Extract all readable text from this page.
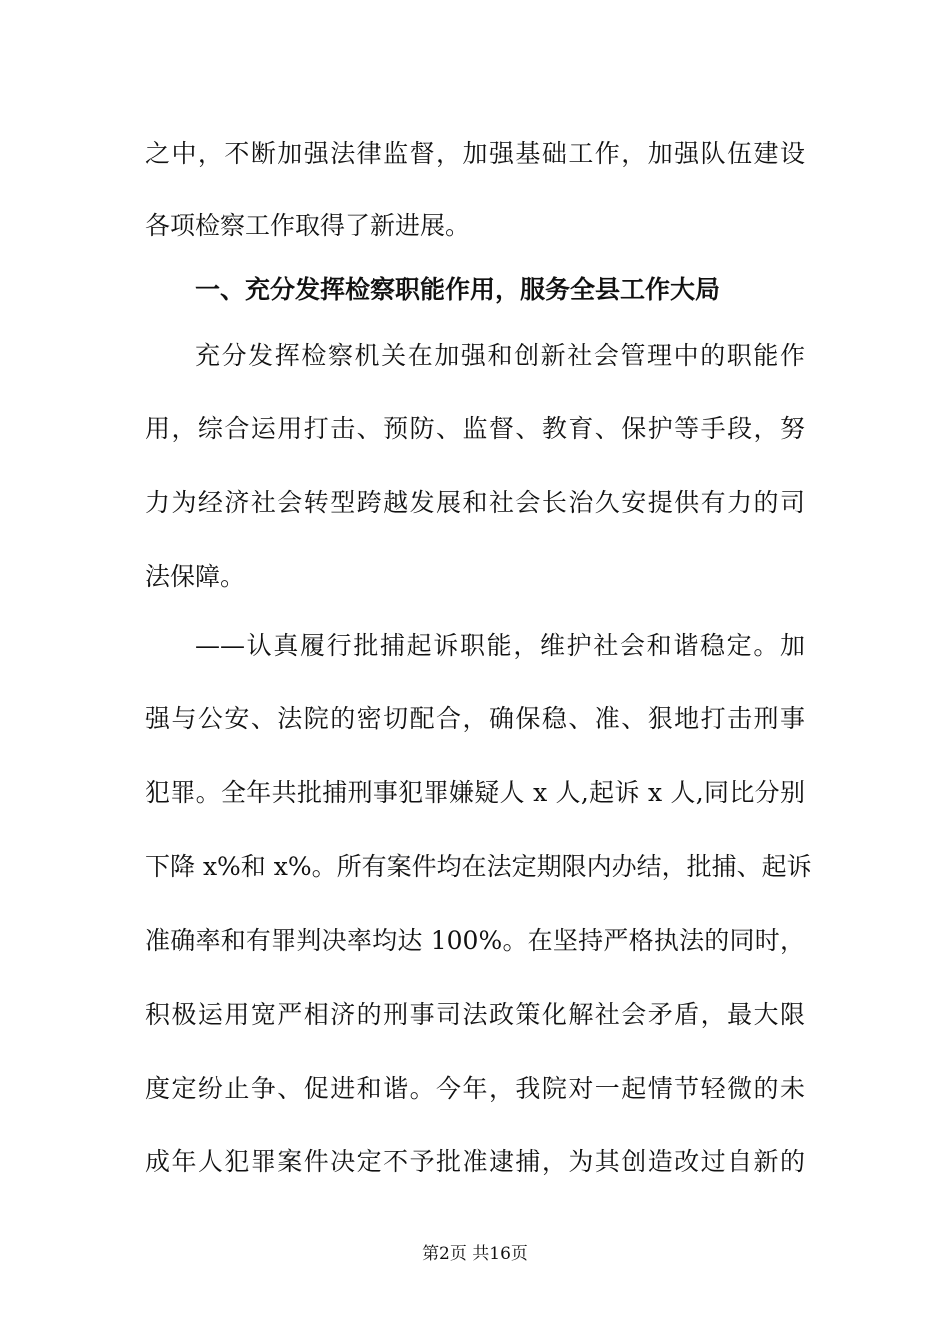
之中，不断加强法律监督，加强基础工作，加强队伍建设
各项检察工作取得了新进展。
一、充分发挥检察职能作用，服务全县工作大局
充分发挥检察机关在加强和创新社会管理中的职能作
用，综合运用打击、预防、监督、教育、保护等手段，努
力为经济社会转型跨越发展和社会长治久安提供有力的司
法保障。
——认真履行批捕起诉职能，维护社会和谐稳定。加
强与公安、法院的密切配合，确保稳、准、狠地打击刑事
犯罪。全年共批捕刑事犯罪嫌疑人 x 人,起诉 x 人,同比分别
下降 x%和 x%。所有案件均在法定期限内办结，批捕、起诉
准确率和有罪判决率均达 100%。在坚持严格执法的同时，
积极运用宽严相济的刑事司法政策化解社会矛盾，最大限
度定纷止争、促进和谐。今年，我院对一起情节轻微的未
成年人犯罪案件决定不予批准逮捕，为其创造改过自新的
第2页 共16页
